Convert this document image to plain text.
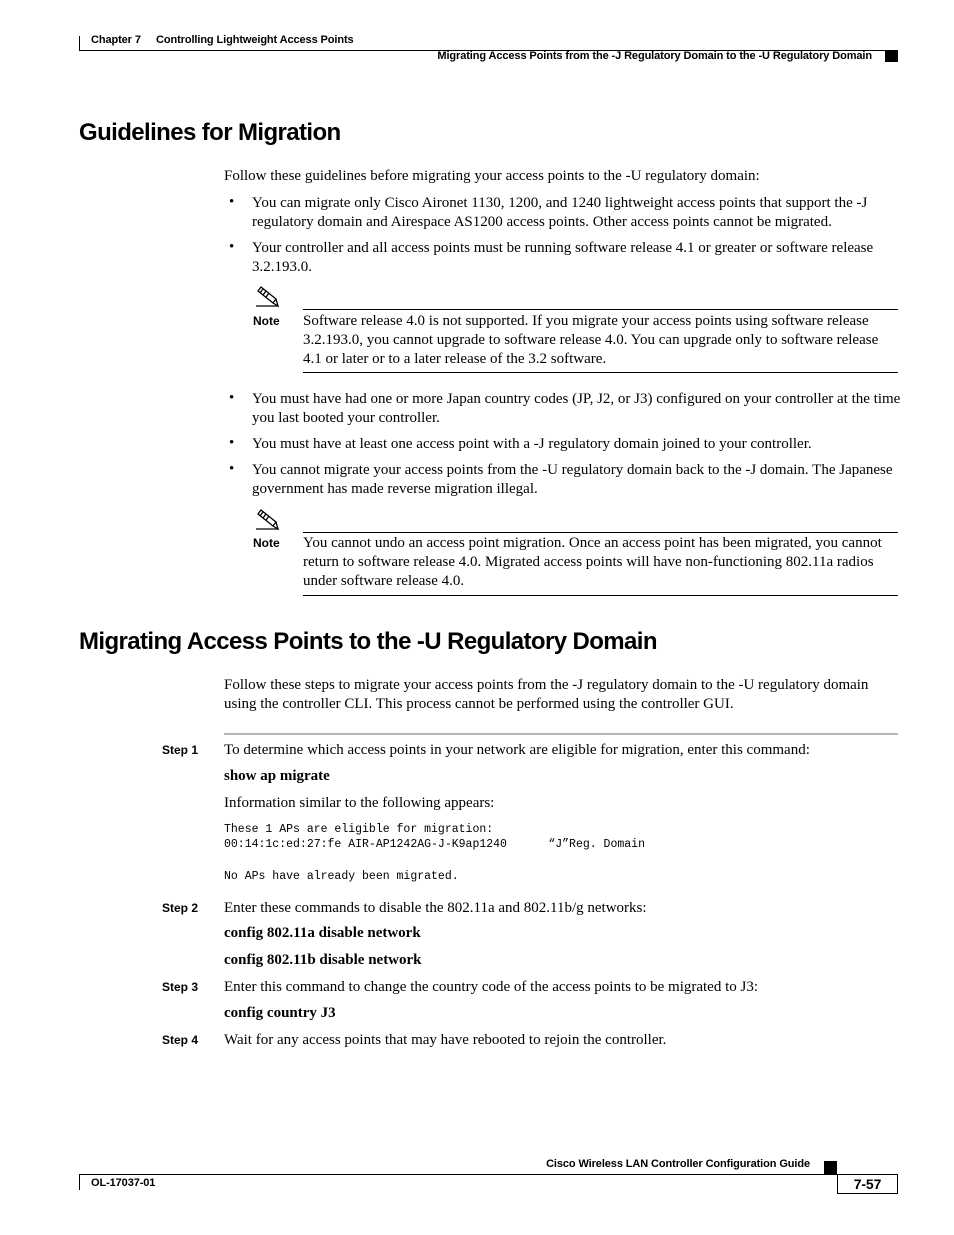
Chapter 7 Controlling Lightweight Access Points
Migrating Access Points from the -J Regulatory Domain to the -U Regulatory Domain
Guidelines for Migration
Follow these guidelines before migrating your access points to the -U regulatory domain:
• You can migrate only Cisco Aironet 1130, 1200, and 1240 lightweight access points that support the -J regulatory domain and Airespace AS1200 access points. Other access points cannot be migrated.
• Your controller and all access points must be running software release 4.1 or greater or software release 3.2.193.0.
Note Software release 4.0 is not supported. If you migrate your access points using software release 3.2.193.0, you cannot upgrade to software release 4.0. You can upgrade only to software release 4.1 or later or to a later release of the 3.2 software.
• You must have had one or more Japan country codes (JP, J2, or J3) configured on your controller at the time you last booted your controller.
• You must have at least one access point with a -J regulatory domain joined to your controller.
• You cannot migrate your access points from the -U regulatory domain back to the -J domain. The Japanese government has made reverse migration illegal.
Note You cannot undo an access point migration. Once an access point has been migrated, you cannot return to software release 4.0. Migrated access points will have non-functioning 802.11a radios under software release 4.0.
Migrating Access Points to the -U Regulatory Domain
Follow these steps to migrate your access points from the -J regulatory domain to the -U regulatory domain using the controller CLI. This process cannot be performed using the controller GUI.
Step 1 To determine which access points in your network are eligible for migration, enter this command:
show ap migrate
Information similar to the following appears:
These 1 APs are eligible for migration:
00:14:1c:ed:27:fe AIR-AP1242AG-J-K9ap1240      “J”Reg. Domain
No APs have already been migrated.
Step 2 Enter these commands to disable the 802.11a and 802.11b/g networks:
config 802.11a disable network
config 802.11b disable network
Step 3 Enter this command to change the country code of the access points to be migrated to J3:
config country J3
Step 4 Wait for any access points that may have rebooted to rejoin the controller.
Cisco Wireless LAN Controller Configuration Guide
OL-17037-01	7-57
